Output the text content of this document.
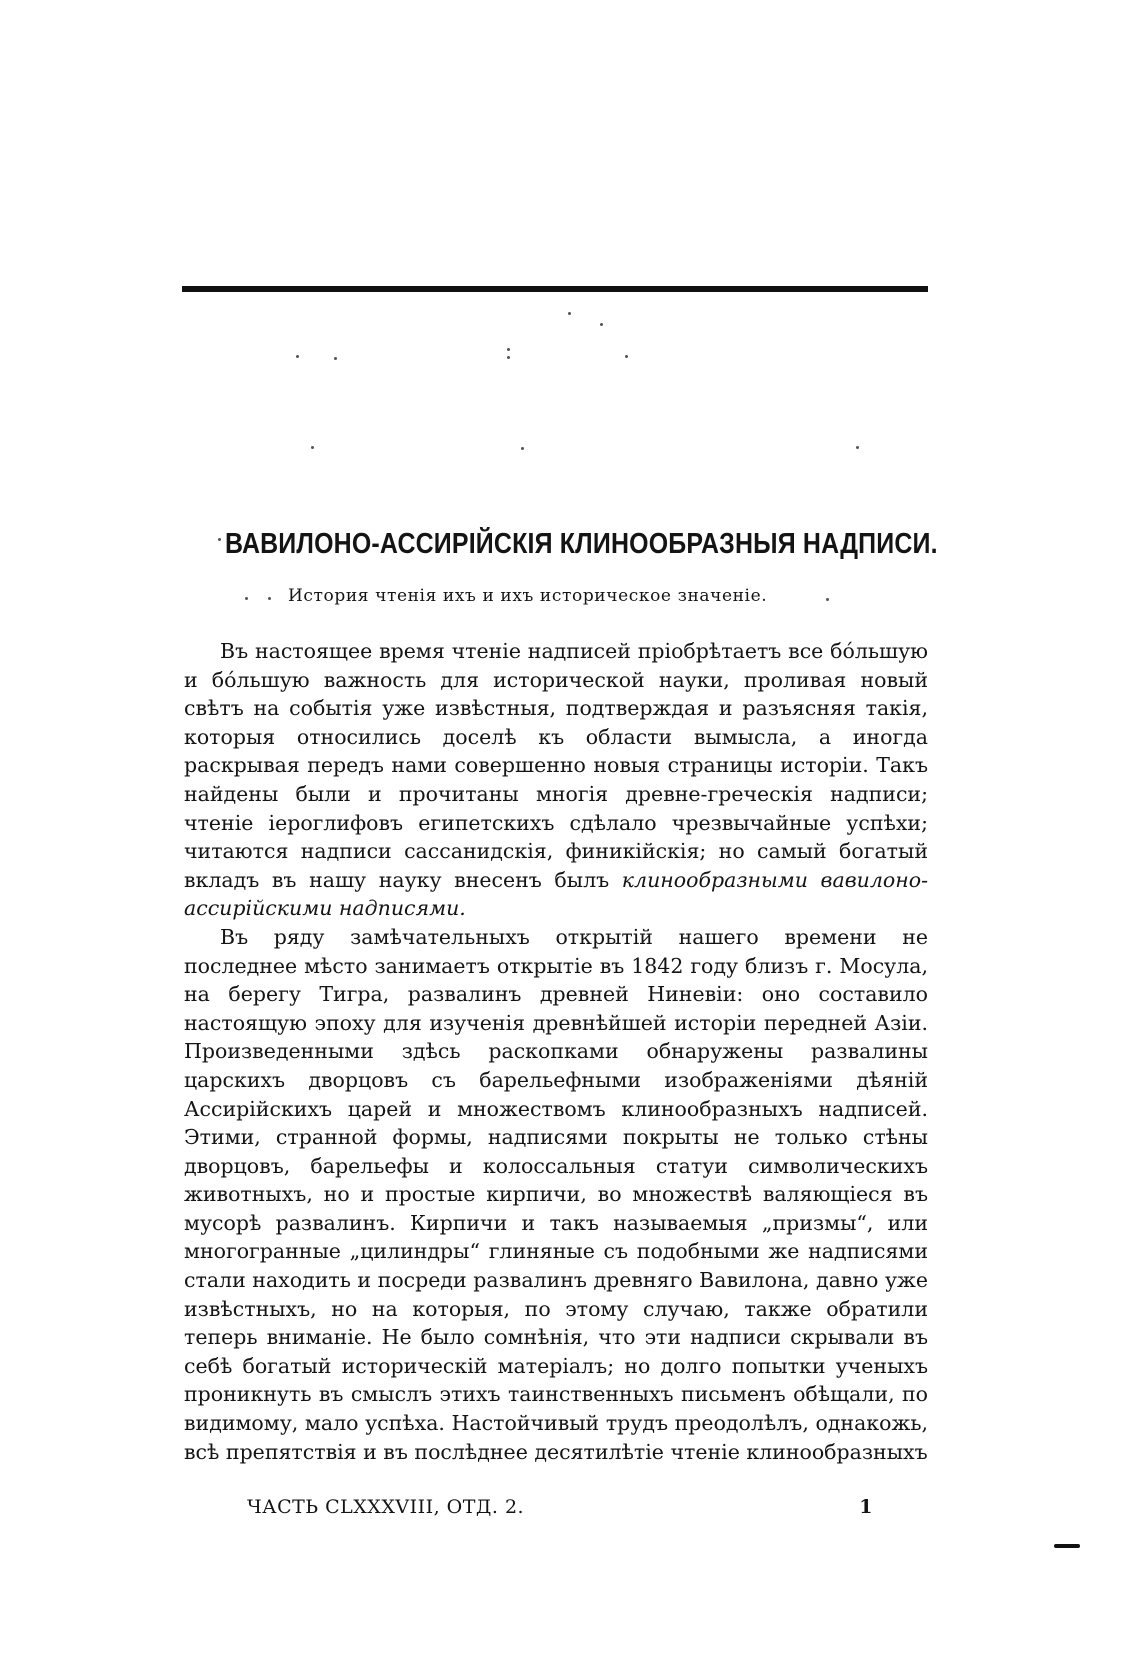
ВАВИЛОНО-АССИРІЙСКІЯ КЛИНООБРАЗНЫЯ НАДПИСИ.
История чтенія ихъ и ихъ историческое значеніе.

Въ настоящее время чтеніе надписей пріобрѣтаетъ все бо́льшую и бо́льшую важность для исторической науки, проливая новый свѣтъ на событія уже извѣстныя, подтверждая и разъясняя такія, которыя относились доселѣ къ области вымысла, а иногда раскрывая передъ нами совершенно новыя страницы исторіи. Такъ найдены были и прочитаны многія древне-греческія надписи; чтеніе іероглифовъ египетскихъ сдѣлало чрезвычайные успѣхи; читаются надписи сассанидскія, финикійскія; но самый богатый вкладъ въ нашу науку внесенъ былъ клинообразными вавилоно-ассирійскими надписями.

Въ ряду замѣчательныхъ открытій нашего времени не последнее мѣсто занимаетъ открытіе въ 1842 году близъ г. Мосула, на берегу Тигра, развалинъ древней Ниневіи: оно составило настоящую эпоху для изученія древнѣйшей исторіи передней Азіи. Произведенными здѣсь раскопками обнаружены развалины царскихъ дворцовъ съ барельефными изображеніями дѣяній Ассирійскихъ царей и множествомъ клинообразныхъ надписей. Этими, странной формы, надписями покрыты не только стѣны дворцовъ, барельефы и колоссальныя статуи символическихъ животныхъ, но и простые кирпичи, во множествѣ валяющіеся въ мусорѣ развалинъ. Кирпичи и такъ называемыя „призмы“, или многогранные „цилиндры“ глиняные съ подобными же надписями стали находить и посреди развалинъ древняго Вавилона, давно уже извѣстныхъ, но на которыя, по этому случаю, также обратили теперь вниманіе. Не было сомнѣнія, что эти надписи скрывали въ себѣ богатый историческій матеріалъ; но долго попытки ученыхъ проникнуть въ смыслъ этихъ таинственныхъ письменъ обѣщали, по видимому, мало успѣха. Настойчивый трудъ преодолѣлъ, однакожь, всѣ препятствія и въ послѣднее десятилѣтіе чтеніе клинообразныхъ

ЧАСТЬ CLXXXVIII, ОТД. 2.	1
